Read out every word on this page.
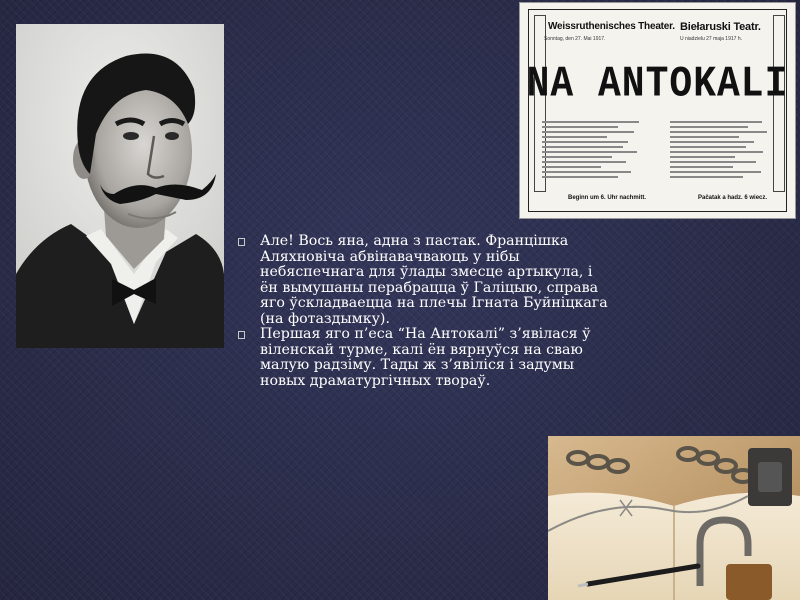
Weissruthenisches Theater. Biełaruski Teatr.
Sonntag, den 27. Mai 1917.	U niadzielu 27 maja 1917 h.
NA ANTOKALI
Beginn um 6. Uhr nachmitt.	Pačatak a hadz. 6 wiecz.

Але! Вось яна, адна з пастак. Францішка Аляхновіча абвінавачваюць у нібы небяспечнага для ўлады змесце артыкула, і ён вымушаны перабрацца ў Галіцыю, справа яго ўскладваецца на плечы Ігната Буйніцкага (на фотаздымку).

Першая яго п’еса “На Антокалі” з’явілася ў віленскай турме, калі ён вярнуўся на сваю малую радзіму. Тады ж з’явіліся і задумы новых драматургічных твораў.
